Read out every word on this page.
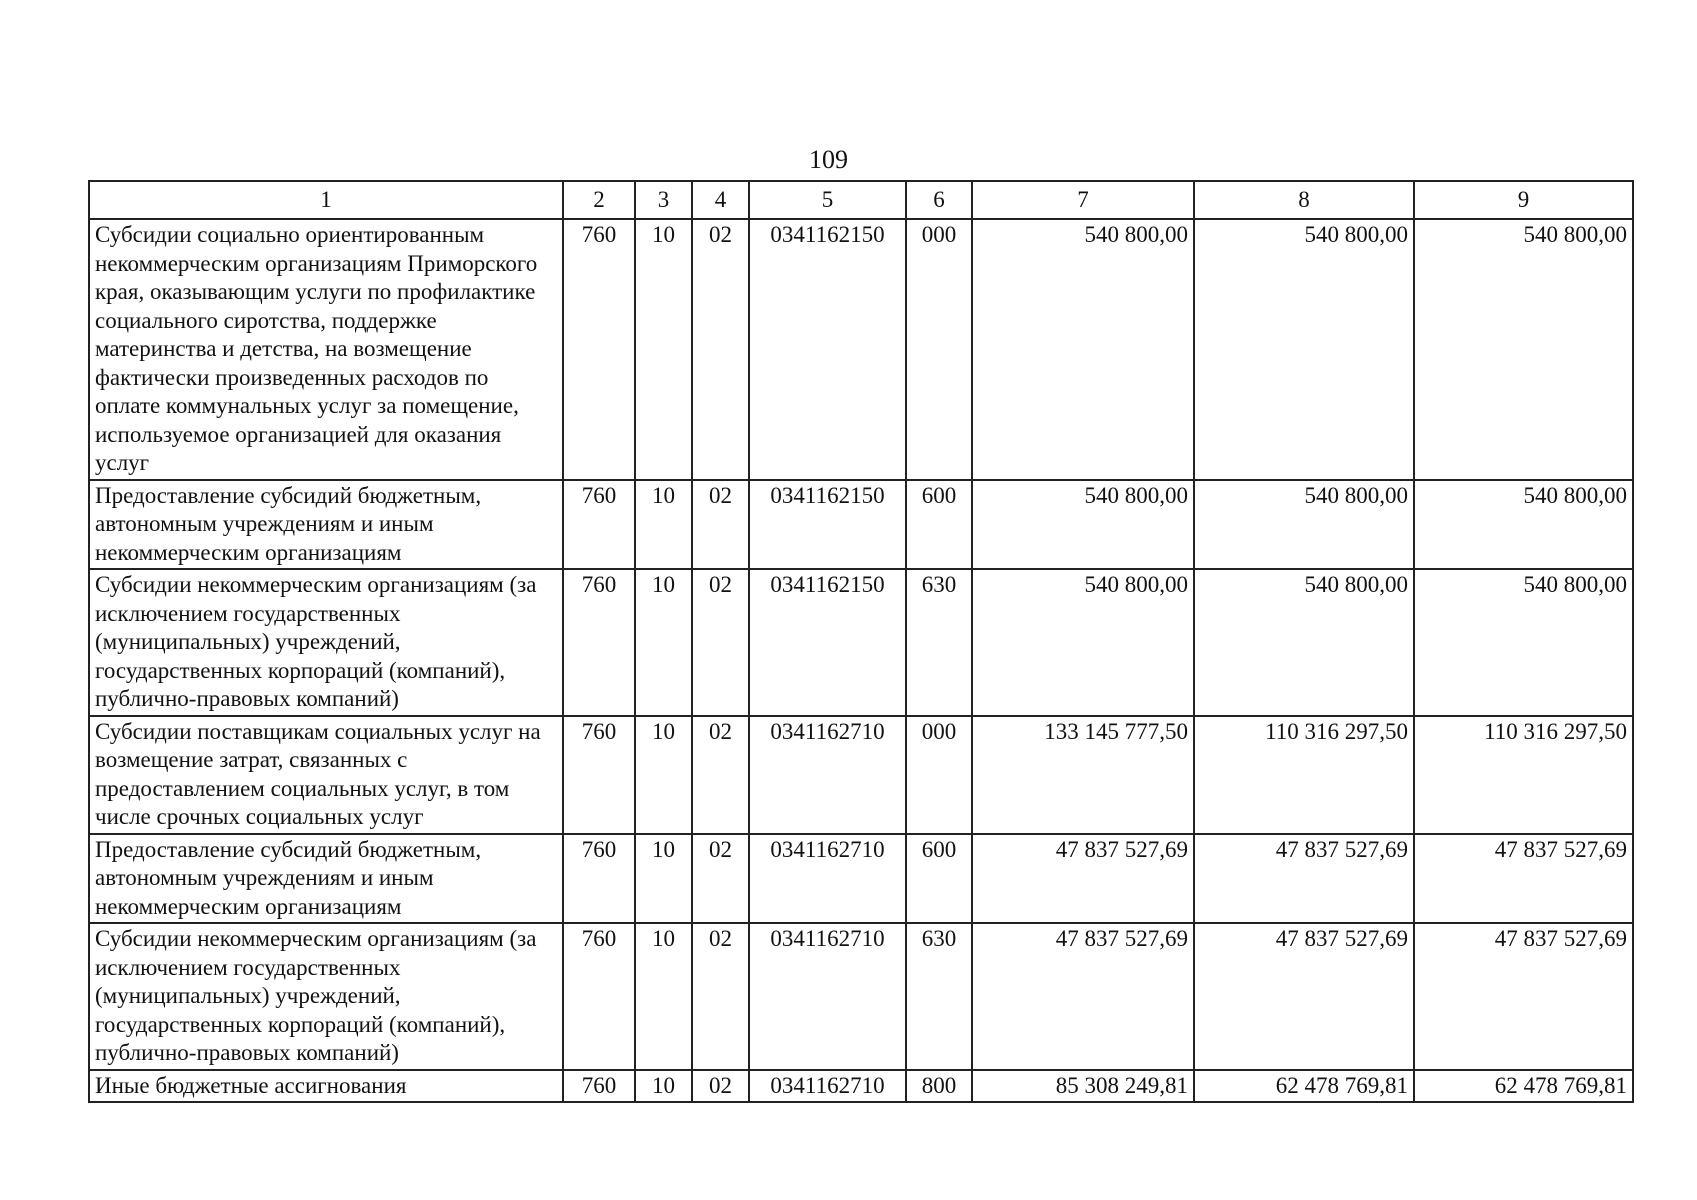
109
1	2	3	4	5	6	7	8	9
Субсидии социально ориентированным некоммерческим организациям Приморского края, оказывающим услуги по профилактике социального сиротства, поддержке материнства и детства, на возмещение фактически произведенных расходов по оплате коммунальных услуг за помещение, используемое организацией для оказания услуг	760	10	02	0341162150	000	540 800,00	540 800,00	540 800,00
Предоставление субсидий бюджетным, автономным учреждениям и иным некоммерческим организациям	760	10	02	0341162150	600	540 800,00	540 800,00	540 800,00
Субсидии некоммерческим организациям (за исключением государственных (муниципальных) учреждений, государственных корпораций (компаний), публично-правовых компаний)	760	10	02	0341162150	630	540 800,00	540 800,00	540 800,00
Субсидии поставщикам социальных услуг на возмещение затрат, связанных с предоставлением социальных услуг, в том числе срочных социальных услуг	760	10	02	0341162710	000	133 145 777,50	110 316 297,50	110 316 297,50
Предоставление субсидий бюджетным, автономным учреждениям и иным некоммерческим организациям	760	10	02	0341162710	600	47 837 527,69	47 837 527,69	47 837 527,69
Субсидии некоммерческим организациям (за исключением государственных (муниципальных) учреждений, государственных корпораций (компаний), публично-правовых компаний)	760	10	02	0341162710	630	47 837 527,69	47 837 527,69	47 837 527,69
Иные бюджетные ассигнования	760	10	02	0341162710	800	85 308 249,81	62 478 769,81	62 478 769,81
